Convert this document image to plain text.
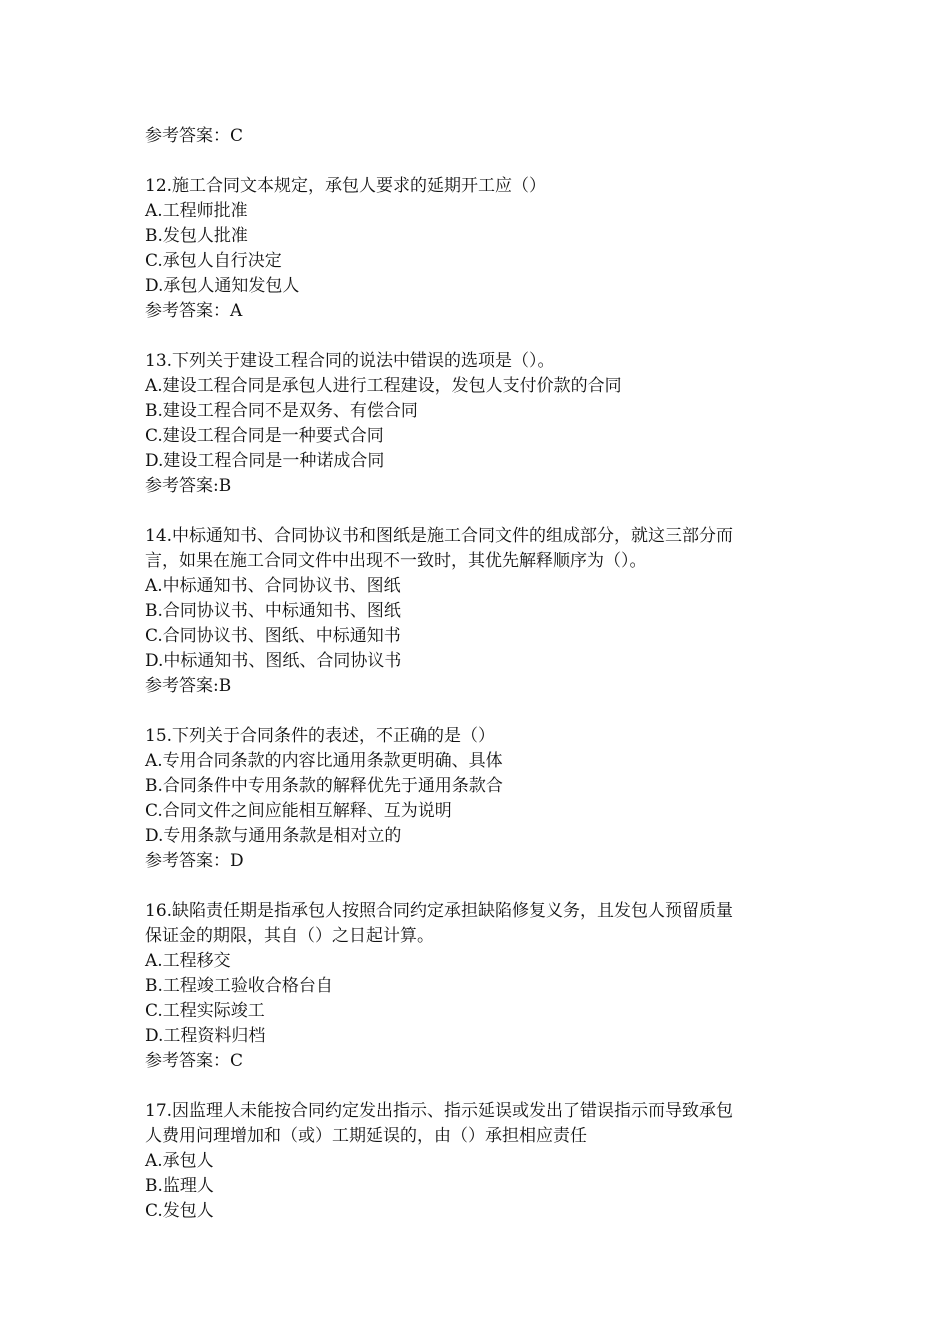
参考答案：C
12.施工合同文本规定，承包人要求的延期开工应（）
A.工程师批准
B.发包人批准
C.承包人自行决定
D.承包人通知发包人
参考答案：A
13.下列关于建设工程合同的说法中错误的选项是（）。
A.建设工程合同是承包人进行工程建设，发包人支付价款的合同
B.建设工程合同不是双务、有偿合同
C.建设工程合同是一种要式合同
D.建设工程合同是一种诺成合同
参考答案:B
14.中标通知书、合同协议书和图纸是施工合同文件的组成部分，就这三部分而
言，如果在施工合同文件中出现不一致时，其优先解释顺序为（）。
A.中标通知书、合同协议书、图纸
B.合同协议书、中标通知书、图纸
C.合同协议书、图纸、中标通知书
D.中标通知书、图纸、合同协议书
参考答案:B
15.下列关于合同条件的表述，不正确的是（）
A.专用合同条款的内容比通用条款更明确、具体
B.合同条件中专用条款的解释优先于通用条款合
C.合同文件之间应能相互解释、互为说明
D.专用条款与通用条款是相对立的
参考答案：D
16.缺陷责任期是指承包人按照合同约定承担缺陷修复义务，且发包人预留质量
保证金的期限，其自（）之日起计算。
A.工程移交
B.工程竣工验收合格台自
C.工程实际竣工
D.工程资料归档
参考答案：C
17.因监理人未能按合同约定发出指示、指示延误或发出了错误指示而导致承包
人费用问理增加和（或）工期延误的，由（）承担相应责任
A.承包人
B.监理人
C.发包人
